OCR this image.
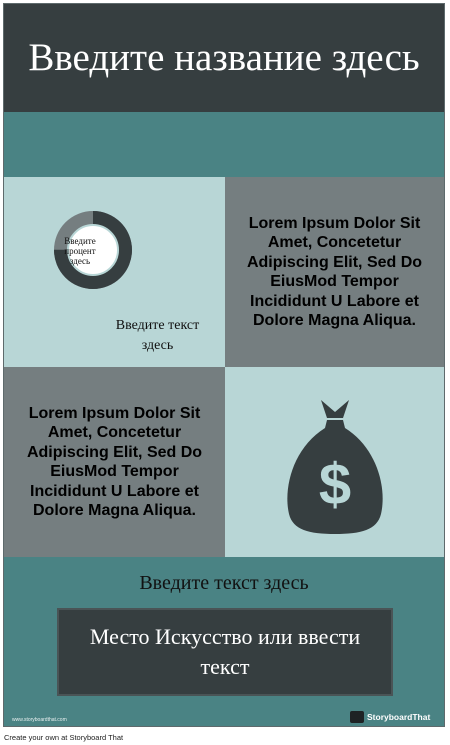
Введите название здесь
Lorem Ipsum Dolor Sit Amet, Concetetur Adipiscing Elit, Sed Do EiusMod Tempor Incididunt U Labore et Dolore Magna Aliqua.
Lorem Ipsum Dolor Sit Amet, Concetetur Adipiscing Elit, Sed Do EiusMod Tempor Incididunt U Labore et Dolore Magna Aliqua.
Введите процент здесь
Введите текст здесь
$
Введите текст здесь
Место Искусство или ввести текст
www.storyboardthat.com	StoryboardThat
Create your own at Storyboard That
